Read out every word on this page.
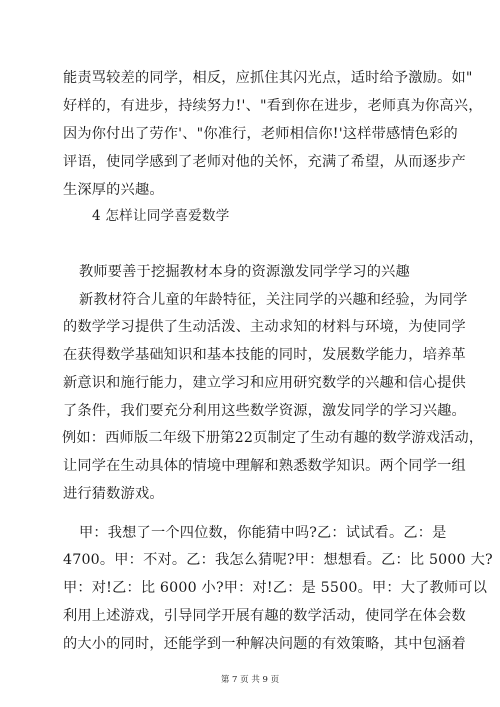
能责骂较差的同学，相反，应抓住其闪光点，适时给予激励。如"
好样的，有进步，持续努力!'、"看到你在进步，老师真为你高兴，
因为你付出了劳作'、"你准行，老师相信你!'这样带感情色彩的
评语，使同学感到了老师对他的关怀，充满了希望，从而逐步产
生深厚的兴趣。
4 怎样让同学喜爱数学
教师要善于挖掘教材本身的资源激发同学学习的兴趣
新教材符合儿童的年龄特征，关注同学的兴趣和经验，为同学
的数学学习提供了生动活泼、主动求知的材料与环境，为使同学
在获得数学基础知识和基本技能的同时，发展数学能力，培养革
新意识和施行能力，建立学习和应用研究数学的兴趣和信心提供
了条件，我们要充分利用这些数学资源，激发同学的学习兴趣。
例如：西师版二年级下册第22页制定了生动有趣的数学游戏活动，
让同学在生动具体的情境中理解和熟悉数学知识。两个同学一组
进行猜数游戏。
甲：我想了一个四位数，你能猜中吗?乙：试试看。乙：是
4700。甲：不对。乙：我怎么猜呢?甲：想想看。乙：比 5000 大?
甲：对!乙：比 6000 小?甲：对!乙：是 5500。甲：大了教师可以
利用上述游戏，引导同学开展有趣的数学活动，使同学在体会数
的大小的同时，还能学到一种解决问题的有效策略，其中包涵着
第 7 页 共 9 页
